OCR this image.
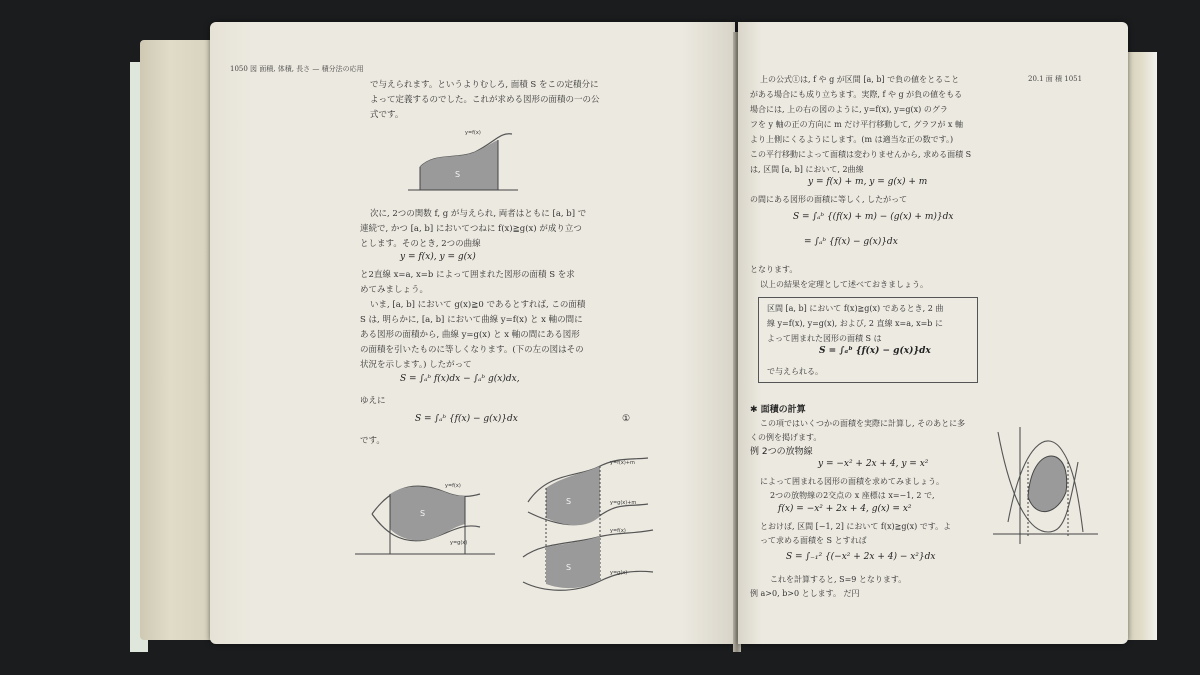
1050 図 面積, 体積, 長さ — 積分法の応用
で与えられます。というよりむしろ, 面積 S をこの定積分に
よって定義するのでした。これが求める図形の面積の一の公
式です。
y=f(x)
S
次に, 2つの関数 f, g が与えられ, 両者はともに [a, b] で
連続で, かつ [a, b] においてつねに f(x)≧g(x) が成り立つ
とします。そのとき, 2つの曲線
y = f(x), y = g(x)
と2直線 x=a, x=b によって囲まれた図形の面積 S を求
めてみましょう。
いま, [a, b] において g(x)≧0 であるとすれば, この面積
S は, 明らかに, [a, b] において曲線 y=f(x) と x 軸の間に
ある図形の面積から, 曲線 y=g(x) と x 軸の間にある図形
の面積を引いたものに等しくなります。(下の左の図はその
状況を示します。) したがって
S = ∫ₐᵇ f(x)dx − ∫ₐᵇ g(x)dx,
ゆえに
S = ∫ₐᵇ {f(x) − g(x)}dx	①
です。
y=f(x)
y=g(x)
S
y=f(x)+m
y=g(x)+m
y=f(x)
y=g(x)
S
S
20.1 面 積 1051
上の公式①は, f や g が区間 [a, b] で負の値をとること
がある場合にも成り立ちます。実際, f や g が負の値をもる
場合には, 上の右の図のように, y=f(x), y=g(x) のグラ
フを y 軸の正の方向に m だけ平行移動して, グラフが x 軸
より上側にくるようにします。(m は適当な正の数です。)
この平行移動によって面積は変わりませんから, 求める面積 S
は, 区間 [a, b] において, 2曲線
y = f(x) + m, y = g(x) + m
の間にある図形の面積に等しく, したがって
S = ∫ₐᵇ {(f(x) + m) − (g(x) + m)}dx
= ∫ₐᵇ {f(x) − g(x)}dx
となります。
以上の結果を定理として述べておきましょう。
区間 [a, b] において f(x)≧g(x) であるとき, 2 曲
線 y=f(x), y=g(x), および, 2 直線 x=a, x=b に
よって囲まれた図形の面積 S は
S = ∫ₐᵇ {f(x) − g(x)}dx
で与えられる。
✱ 面積の計算
この項ではいくつかの面積を実際に計算し, そのあとに多
くの例を掲げます。
例 2つの放物線
y = −x² + 2x + 4, y = x²
によって囲まれる図形の面積を求めてみましょう。
2つの放物線の2交点の x 座標は x=−1, 2 で,
f(x) = −x² + 2x + 4, g(x) = x²
とおけば, 区間 [−1, 2] において f(x)≧g(x) です。よ
って求める面積を S とすれば
S = ∫₋₁² {(−x² + 2x + 4) − x²}dx
これを計算すると, S=9 となります。
例 a>0, b>0 とします。 だ円
